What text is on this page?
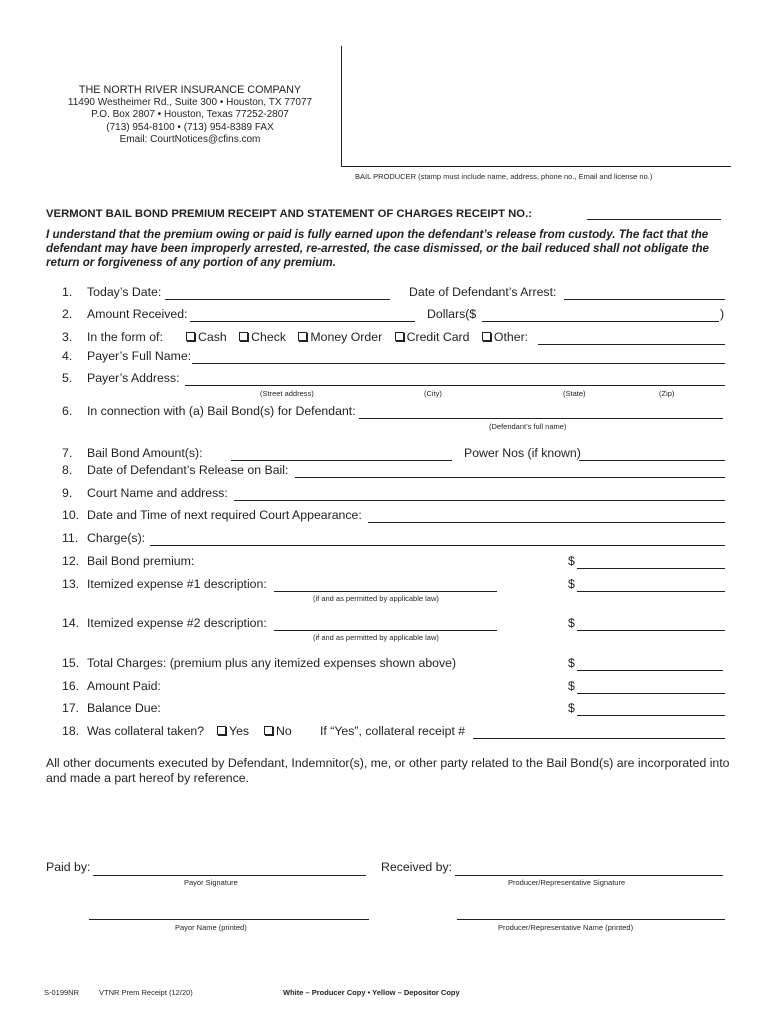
THE NORTH RIVER INSURANCE COMPANY
11490 Westheimer Rd., Suite 300 • Houston, TX 77077
P.O. Box 2807 • Houston, Texas 77252-2807
(713) 954-8100 • (713) 954-8389 FAX
Email: CourtNotices@cfins.com
BAIL PRODUCER (stamp must include name, address, phone no., Email and license no.)
VERMONT BAIL BOND PREMIUM RECEIPT AND STATEMENT OF CHARGES RECEIPT NO.:
I understand that the premium owing or paid is fully earned upon the defendant’s release from custody. The fact that the defendant may have been improperly arrested, re-arrested, the case dismissed, or the bail reduced shall not obligate the return or forgiveness of any portion of any premium.
1. Today’s Date:	Date of Defendant’s Arrest:
2. Amount Received:	Dollars($	)
3. In the form of:	Cash Check Money Order Credit Card Other:
4. Payer’s Full Name:
5. Payer’s Address:
(Street address)	(City)	(State)	(Zip)
6. In connection with (a) Bail Bond(s) for Defendant:
(Defendant’s full name)
7. Bail Bond Amount(s):	Power Nos (if known)
8. Date of Defendant’s Release on Bail:
9. Court Name and address:
10. Date and Time of next required Court Appearance:
11. Charge(s):
12. Bail Bond premium:	$
13. Itemized expense #1 description:
(if and as permitted by applicable law)
$
14. Itemized expense #2 description:
(if and as permitted by applicable law)
$
15. Total Charges: (premium plus any itemized expenses shown above)	$
16. Amount Paid:	$
17. Balance Due:	$
18. Was collateral taken?	Yes	No If “Yes”, collateral receipt #
All other documents executed by Defendant, Indemnitor(s), me, or other party related to the Bail Bond(s) are incorporated into and made a part hereof by reference.
Paid by:
Payor Signature
Received by:
Producer/Representative Signature
Payor Name (printed)	Producer/Representative Name (printed)
S-0199NR	VTNR Prem Receipt (12/20)	White – Producer Copy • Yellow – Depositor Copy
